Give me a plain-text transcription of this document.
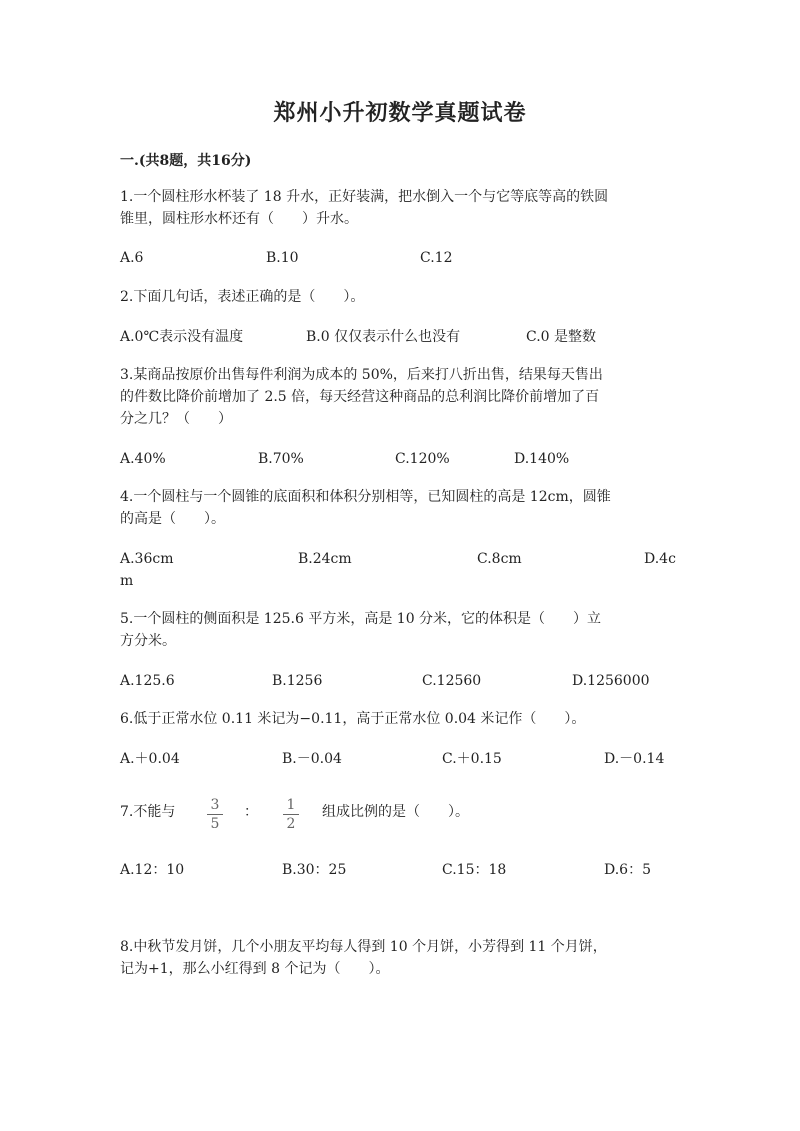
郑州小升初数学真题试卷
一.(共8题，共16分)
1.一个圆柱形水杯装了 18 升水，正好装满，把水倒入一个与它等底等高的铁圆
锥里，圆柱形水杯还有（　　）升水。
A.6	B.10	C.12
2.下面几句话，表述正确的是（　　）。
A.0℃表示没有温度	B.0 仅仅表示什么也没有	C.0 是整数
3.某商品按原价出售每件利润为成本的 50%，后来打八折出售，结果每天售出
的件数比降价前增加了 2.5 倍，每天经营这种商品的总利润比降价前增加了百
分之几？（　　）
A.40%	B.70%	C.120%	D.140%
4.一个圆柱与一个圆锥的底面积和体积分别相等，已知圆柱的高是 12cm，圆锥
的高是（　　）。
A.36cm	B.24cm	C.8cm	D.4c
m
5.一个圆柱的侧面积是 125.6 平方米，高是 10 分米，它的体积是（　　）立
方分米。
A.125.6	B.1256	C.12560	D.1256000
6.低于正常水位 0.11 米记为−0.11，高于正常水位 0.04 米记作（　　）。
A.＋0.04	B.－0.04	C.＋0.15	D.－0.14
7.不能与	3
5
：	1
2
组成比例的是（　　）。
A.12：10	B.30：25	C.15：18	D.6：5
8.中秋节发月饼，几个小朋友平均每人得到 10 个月饼，小芳得到 11 个月饼，
记为+1，那么小红得到 8 个记为（　　）。
